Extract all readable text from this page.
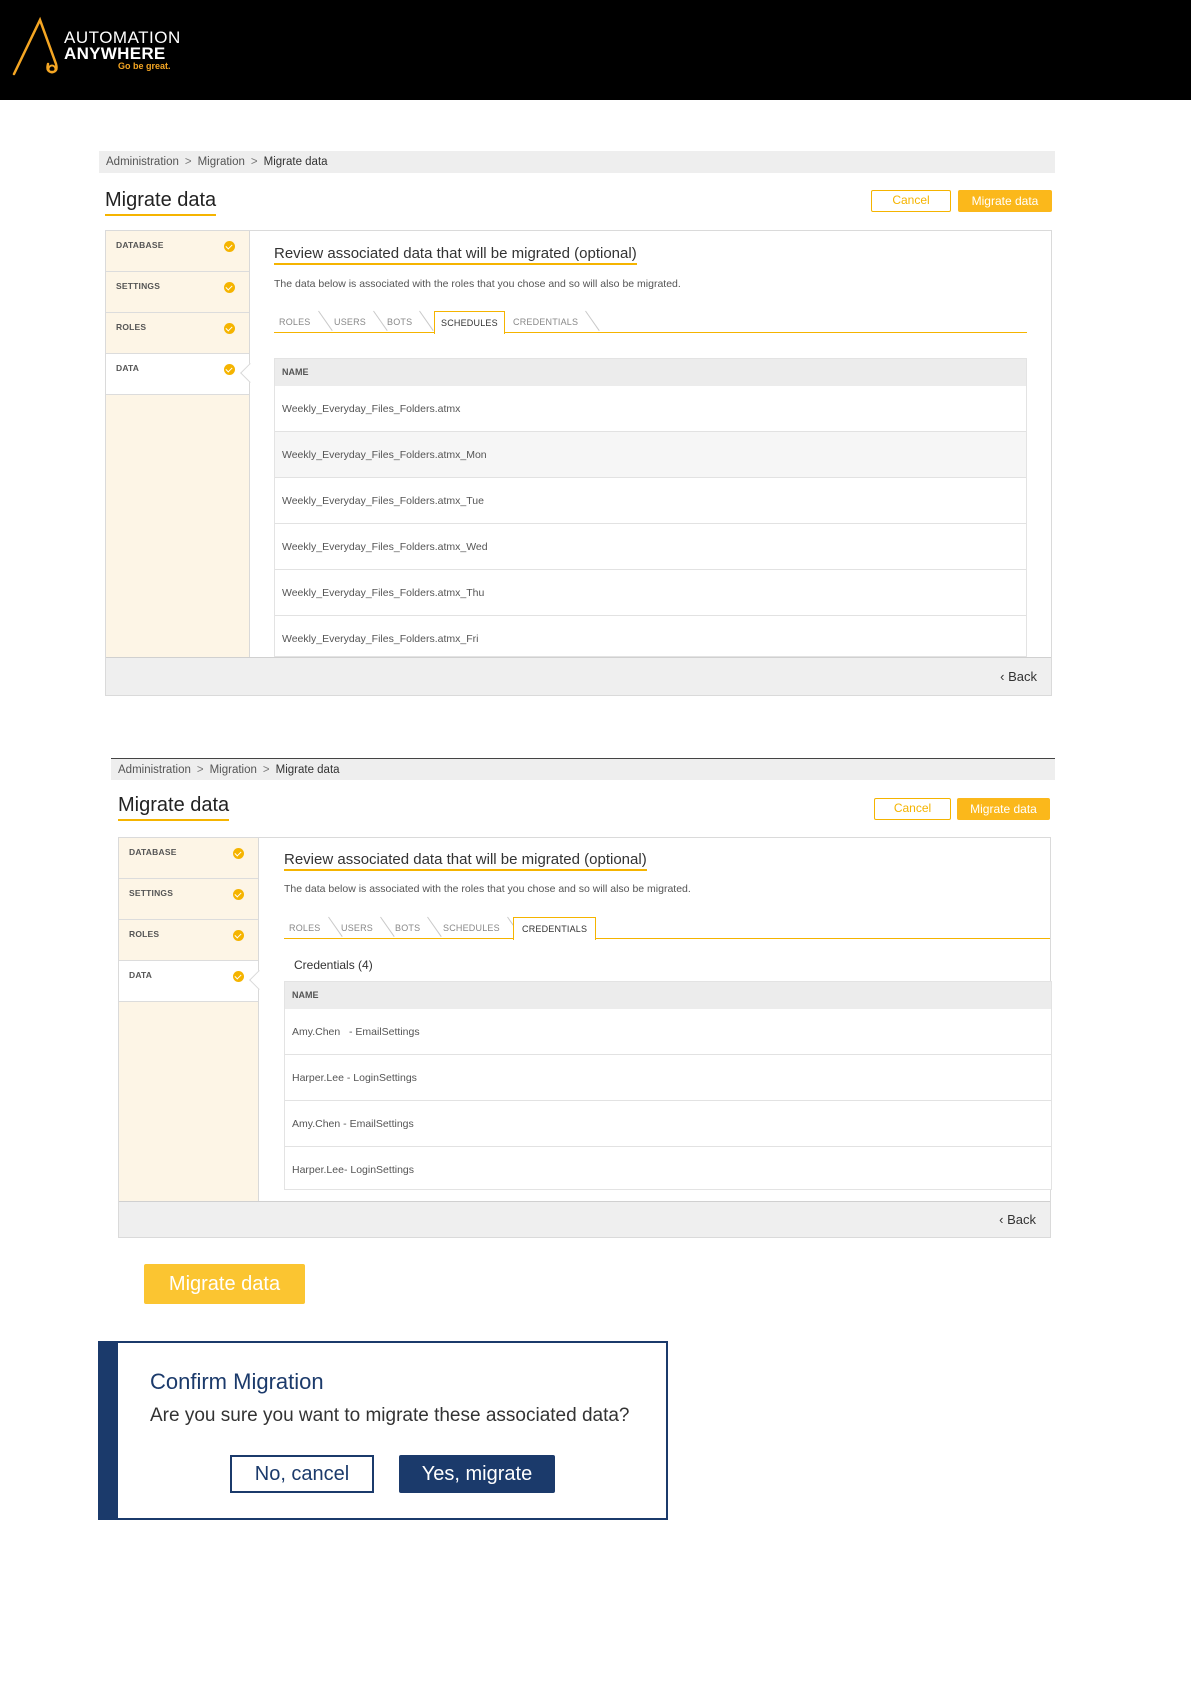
AUTOMATION
ANYWHERE
Go be great.
Administration > Migration > Migrate data
Migrate data	Cancel	Migrate data
DATABASE
SETTINGS
ROLES
DATA
Review associated data that will be migrated (optional)
The data below is associated with the roles that you chose and so will also be migrated.
ROLES	USERS BOTS	SCHEDULES	CREDENTIALS
NAME
Weekly_Everyday_Files_Folders.atmx
Weekly_Everyday_Files_Folders.atmx_Mon
Weekly_Everyday_Files_Folders.atmx_Tue
Weekly_Everyday_Files_Folders.atmx_Wed
Weekly_Everyday_Files_Folders.atmx_Thu
Weekly_Everyday_Files_Folders.atmx_Fri
‹ Back
Administration > Migration > Migrate data
Migrate data	Cancel	Migrate data
DATABASE
SETTINGS
ROLES
DATA
Review associated data that will be migrated (optional)
The data below is associated with the roles that you chose and so will also be migrated.
ROLES USERS BOTS	SCHEDULES	CREDENTIALS
Credentials (4)
NAME
Amy.Chen   - EmailSettings
Harper.Lee - LoginSettings
Amy.Chen - EmailSettings
Harper.Lee- LoginSettings
‹ Back
Migrate data
Confirm Migration
Are you sure you want to migrate these associated data?
No, cancel	Yes, migrate
